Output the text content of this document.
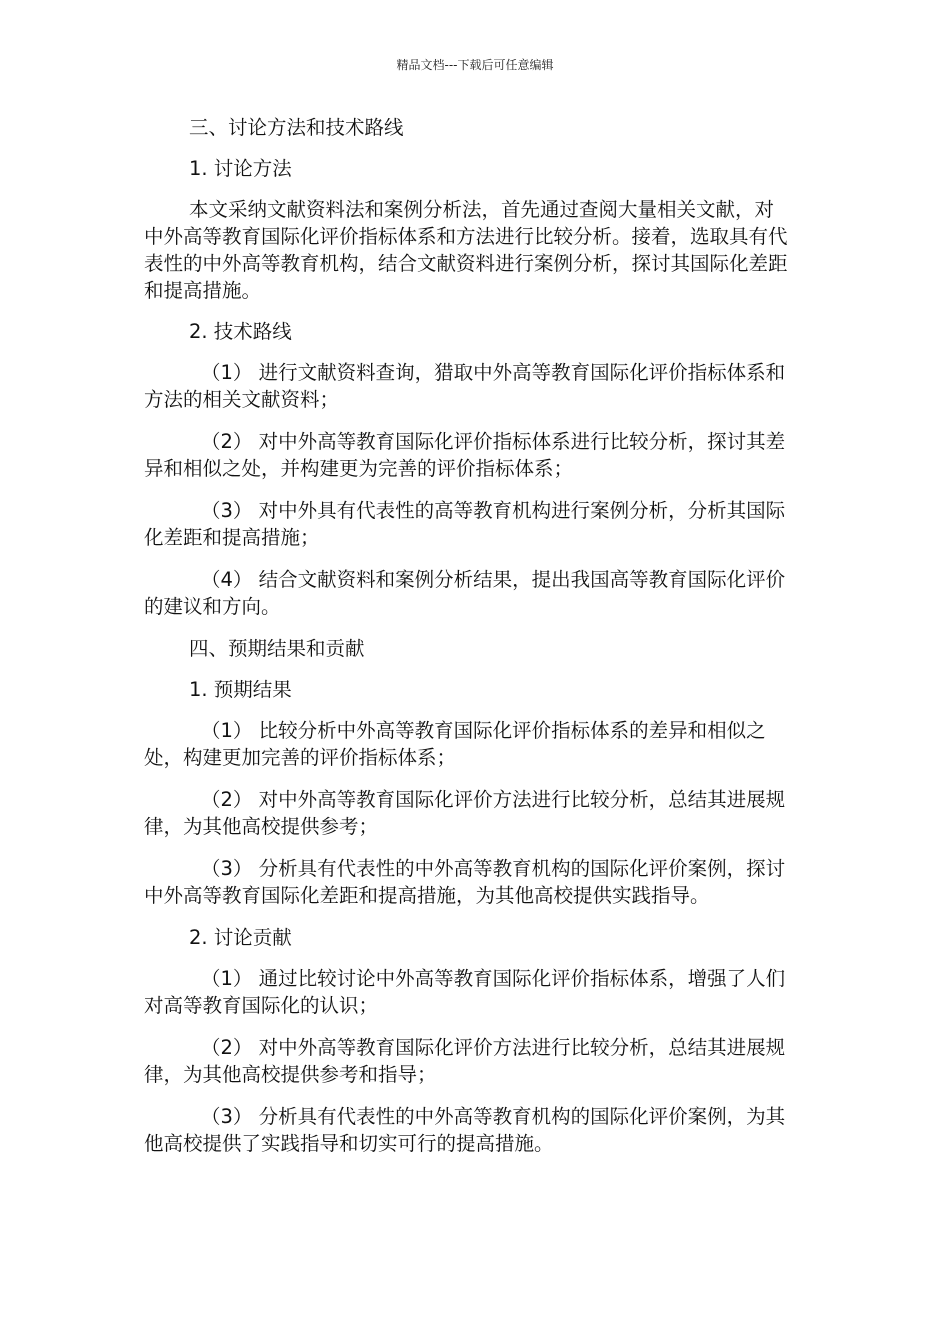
精品文档---下载后可任意编辑

三、讨论方法和技术路线

1. 讨论方法

本文采纳文献资料法和案例分析法，首先通过查阅大量相关文献，对中外高等教育国际化评价指标体系和方法进行比较分析。接着，选取具有代表性的中外高等教育机构，结合文献资料进行案例分析，探讨其国际化差距和提高措施。

2. 技术路线

（1） 进行文献资料查询，猎取中外高等教育国际化评价指标体系和方法的相关文献资料；

（2） 对中外高等教育国际化评价指标体系进行比较分析，探讨其差异和相似之处，并构建更为完善的评价指标体系；

（3） 对中外具有代表性的高等教育机构进行案例分析，分析其国际化差距和提高措施；

（4） 结合文献资料和案例分析结果，提出我国高等教育国际化评价的建议和方向。

四、预期结果和贡献

1. 预期结果

（1） 比较分析中外高等教育国际化评价指标体系的差异和相似之处，构建更加完善的评价指标体系；

（2） 对中外高等教育国际化评价方法进行比较分析，总结其进展规律，为其他高校提供参考；

（3） 分析具有代表性的中外高等教育机构的国际化评价案例，探讨中外高等教育国际化差距和提高措施，为其他高校提供实践指导。

2. 讨论贡献

（1） 通过比较讨论中外高等教育国际化评价指标体系，增强了人们对高等教育国际化的认识；

（2） 对中外高等教育国际化评价方法进行比较分析，总结其进展规律，为其他高校提供参考和指导；

（3） 分析具有代表性的中外高等教育机构的国际化评价案例，为其他高校提供了实践指导和切实可行的提高措施。
